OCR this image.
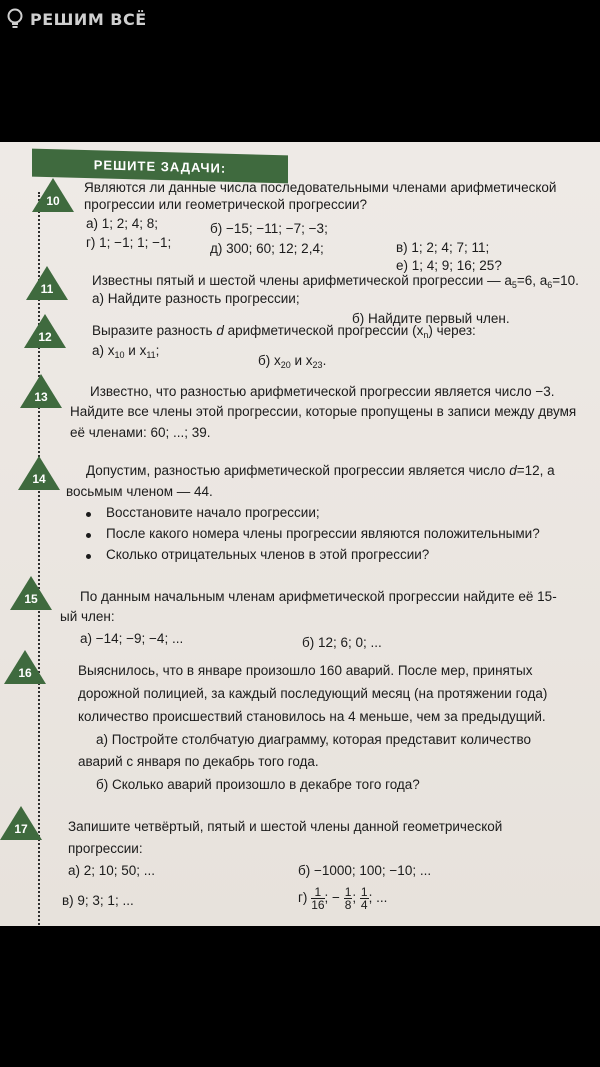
РЕШИМ ВСЁ
РЕШИТЕ ЗАДАЧИ:
10
Являются ли данные числа последовательными членами арифметической
прогрессии или геометрической прогрессии?
а) 1; 2; 4; 8;	б) −15; −11; −7; −3;
в) 1; 2; 4; 7; 11;
г) 1; −1; 1; −1;	д) 300; 60; 12; 2,4;
е) 1; 4; 9; 16; 25?
11
Известны пятый и шестой члены арифметической прогрессии — $a_5=6$, $a_6=10$.
а) Найдите разность прогрессии;
б) Найдите первый член.
12	Выразите разность d арифметической прогрессии $(x_n)$ через:
а) $x_{10}$ и $x_{11}$;
б) $x_{20}$ и $x_{23}$.
13	Известно, что разностью арифметической прогрессии является число −3.
Найдите все члены этой прогрессии, которые пропущены в записи между двумя
её членами: 60; ...; 39.
14
Допустим, разностью арифметической прогрессии является число d=12, а
восьмым членом — 44.
Восстановите начало прогрессии;
После какого номера члены прогрессии являются положительными?
Сколько отрицательных членов в этой прогрессии?
15	По данным начальным членам арифметической прогрессии найдите её 15-
ый член:
а) −14; −9; −4; ...	б) 12; 6; 0; ...
16	Выяснилось, что в январе произошло 160 аварий. После мер, принятых
дорожной полицией, за каждый последующий месяц (на протяжении года)
количество происшествий становилось на 4 меньше, чем за предыдущий.
а) Постройте столбчатую диаграмму, которая представит количество
аварий с января по декабрь того года.
б) Сколько аварий произошло в декабре того года?
17	Запишите четвёртый, пятый и шестой члены данной геометрической
прогрессии:
а) 2; 10; 50; ...	б) −1000; 100; −10; ...
в) 9; 3; 1; ...	$г) \frac{1}{16}$ ; − $\frac{1}{8}$ ; $\frac{1}{4}$ ; ...
